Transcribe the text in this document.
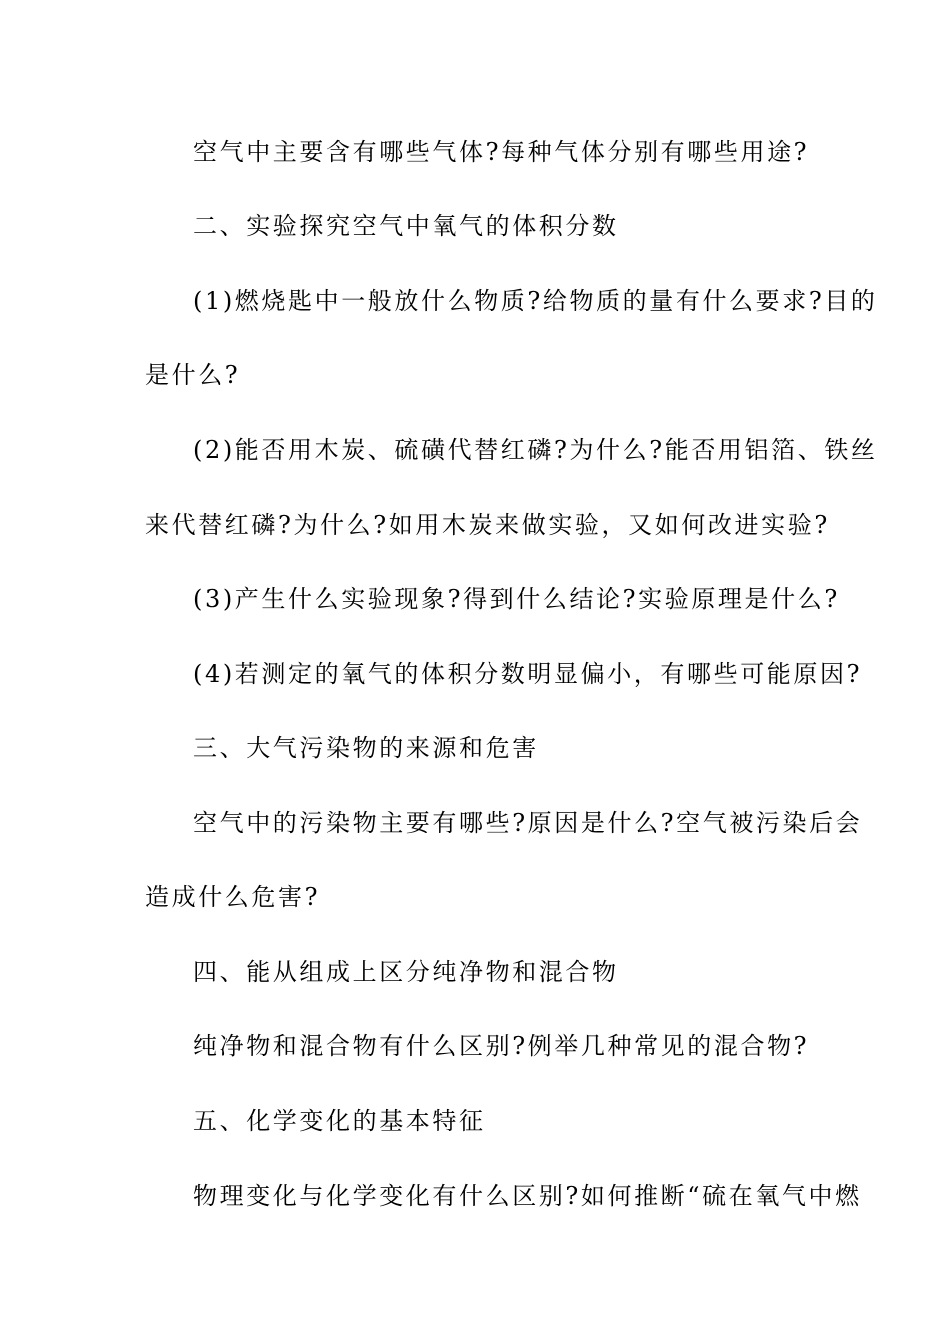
空气中主要含有哪些气体?每种气体分别有哪些用途?
二、实验探究空气中氧气的体积分数
(1)燃烧匙中一般放什么物质?给物质的量有什么要求?目的
是什么?
(2)能否用木炭、硫磺代替红磷?为什么?能否用铝箔、铁丝
来代替红磷?为什么?如用木炭来做实验，又如何改进实验?
(3)产生什么实验现象?得到什么结论?实验原理是什么?
(4)若测定的氧气的体积分数明显偏小，有哪些可能原因?
三、大气污染物的来源和危害
空气中的污染物主要有哪些?原因是什么?空气被污染后会
造成什么危害?
四、能从组成上区分纯净物和混合物
纯净物和混合物有什么区别?例举几种常见的混合物?
五、化学变化的基本特征
物理变化与化学变化有什么区别?如何推断“硫在氧气中燃
